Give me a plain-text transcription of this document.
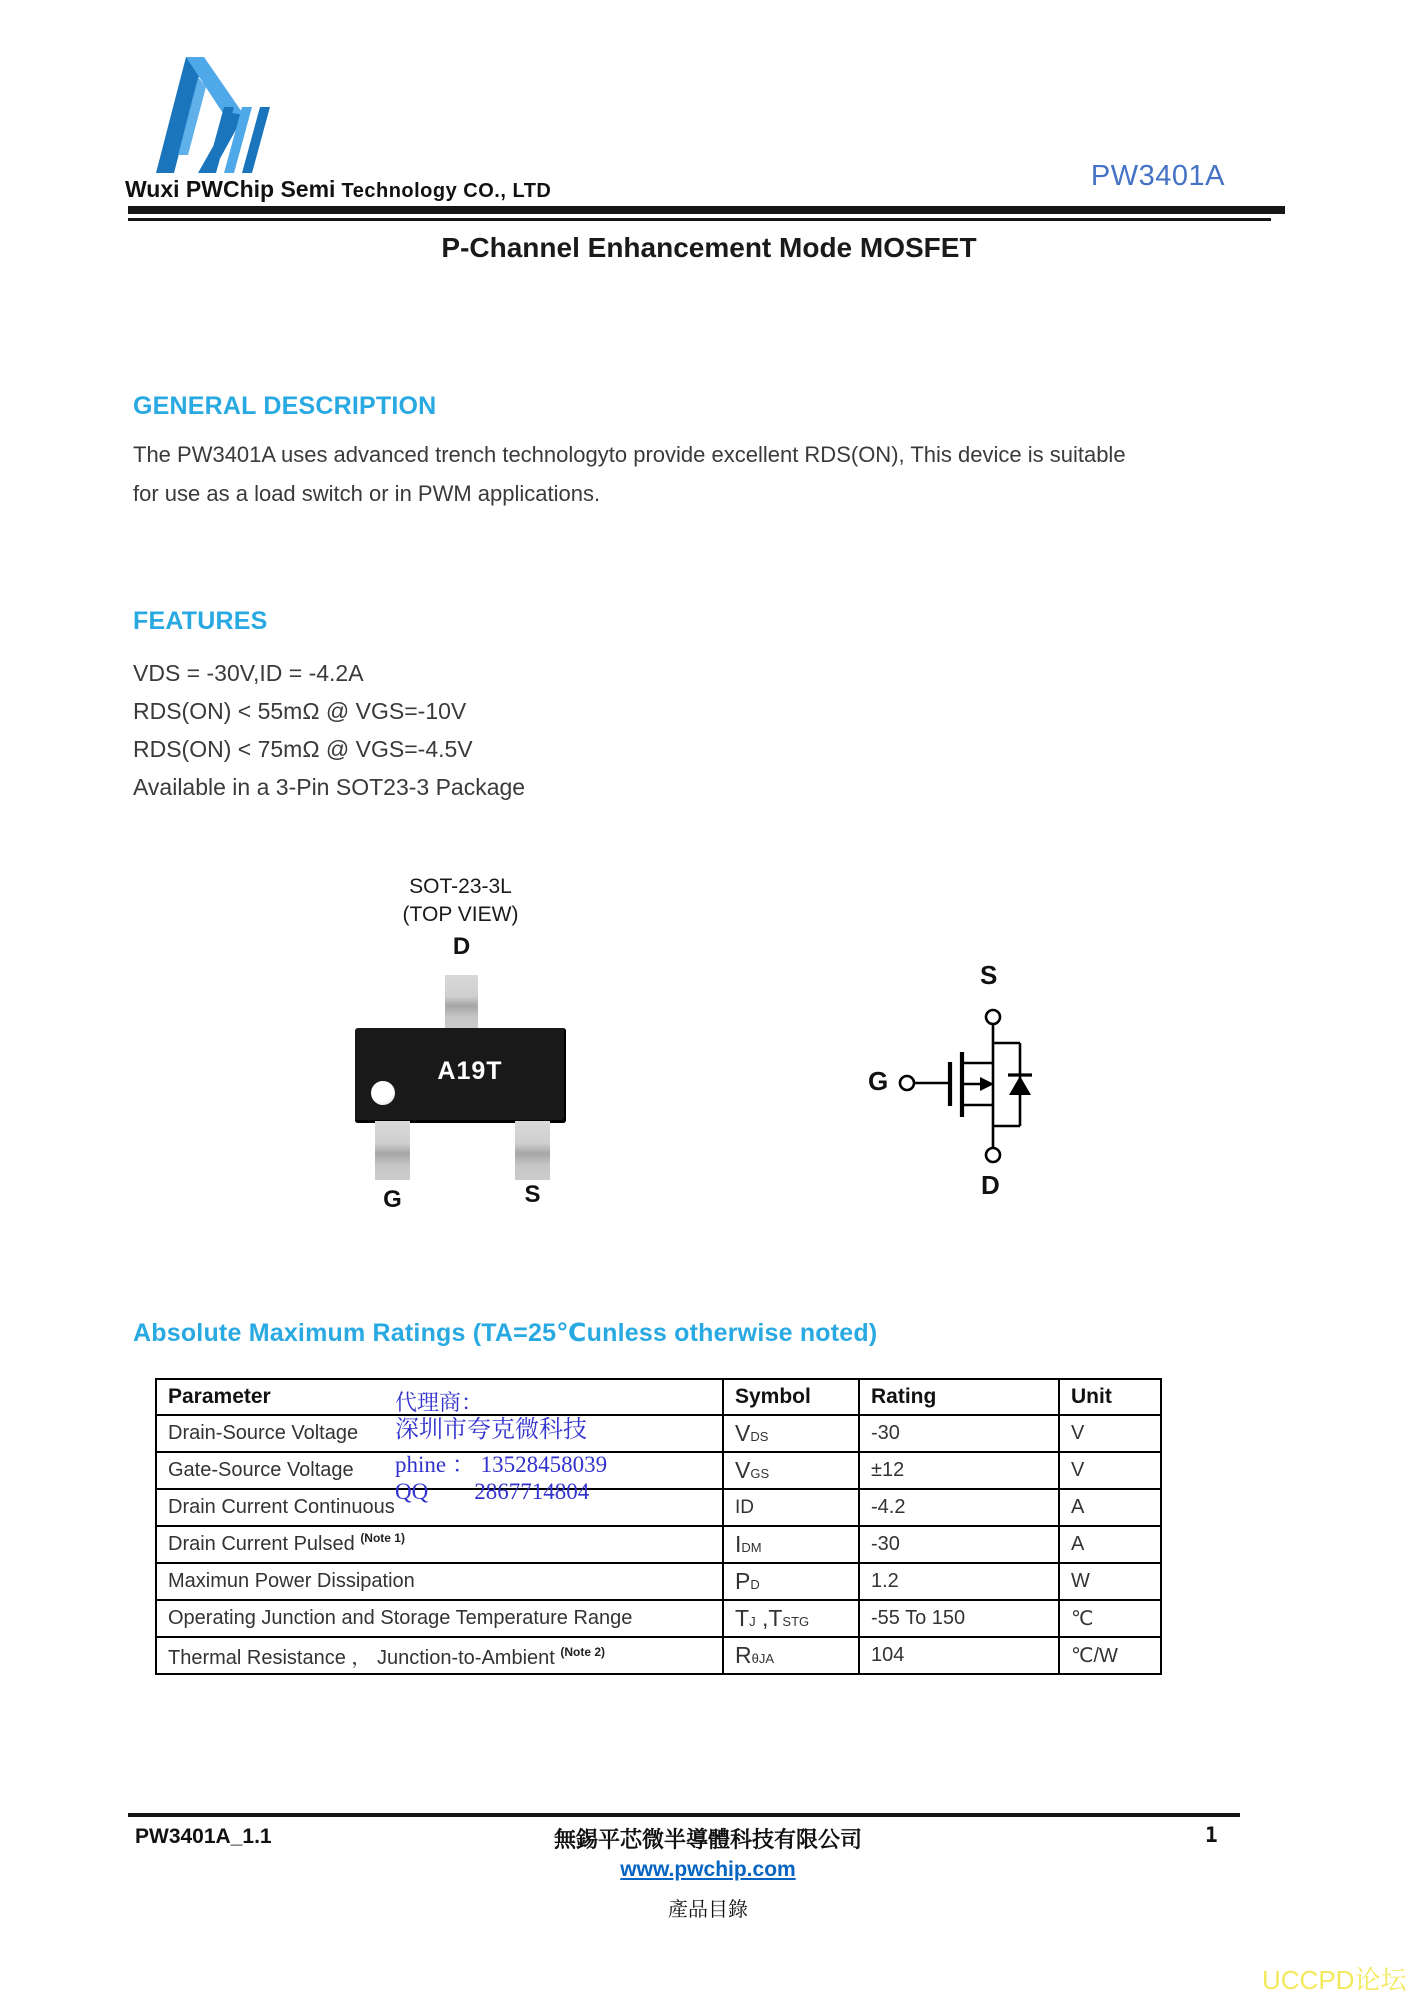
Wuxi PWChip Semi Technology CO., LTD	PW3401A
P-Channel Enhancement Mode MOSFET
GENERAL DESCRIPTION
The PW3401A uses advanced trench technologyto provide excellent RDS(ON), This device is suitable
for use as a load switch or in PWM applications.
FEATURES
VDS = -30V,ID = -4.2A
RDS(ON) < 55mΩ @ VGS=-10V
RDS(ON) < 75mΩ @ VGS=-4.5V
Available in a 3-Pin SOT23-3 Package
SOT-23-3L
(TOP VIEW)
D
A19T
G	S
S
G
D
Absolute Maximum Ratings (TA=25℃unless otherwise noted)
Parameter	Symbol	Rating	Unit
Drain-Source Voltage	VDS	-30	V
Gate-Source Voltage	VGS	±12	V
Drain Current Continuous	ID	-4.2	A
Drain Current Pulsed $^{(Note 1)}$	IDM	-30	A
Maximun Power Dissipation	PD	1.2	W
Operating Junction and Storage Temperature Range	TJ ,TSTG	-55 To 150	℃
Thermal Resistance ， Junction-to-Ambient $^{(Note 2)}$	RθJA	104	℃/W
代理商：
深圳市夸克微科技
phine ： 13528458039
QQ        2867714804
PW3401A_1.1	無錫平芯微半導體科技有限公司	1
www.pwchip.com
產品目錄
UCCPD论坛
